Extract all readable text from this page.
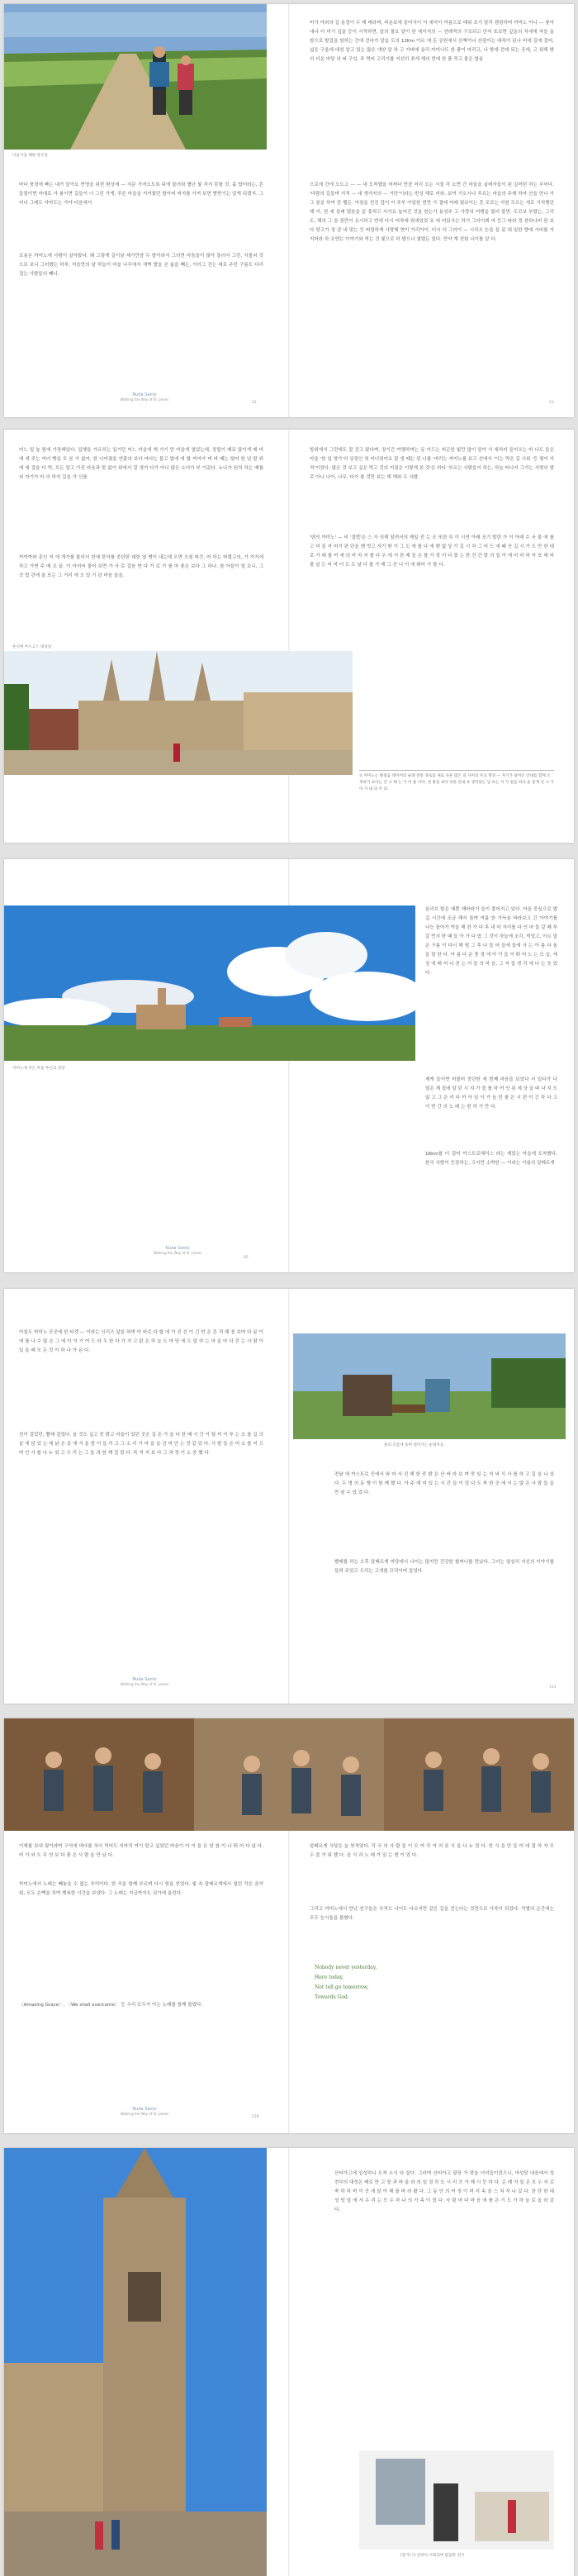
다음사업 해변 창포길
바다 풍경에 빠는 내가 알아요 반영을 위한 환상에 — 지문 가져오도록 뒤에 물러와 별난 빛 차지 못할 것. 홀 밥터라는, 흔들림이면 마대로 가 봄이면 길들이 너 그린 가게, 푸른 마을을 지켜줬던 할아버 버지를 가져 보면 밤받기는 알게 되겠지. 그러나 그래도 아마도는 가야 다음에서
조용은 까미노에 사람이 살아왔다. 왜 그렇게 길이날 제가만큼 두 밭이라서 그러면 마음들이 많아 둘러서 그런. 자물쇠 것으로 보니 그러했는 하루, 처음만의 날 하늘이 마을 나무에서 새벽 발을 곧 옮을 빼는, 이러그 걷는 대로 주던 구름도 다리 걸는 사람들의 빼니.
Nuda Santo
Walking the Way of St. James
22
비가 야외의 길 동절이 두 해 레라며, 피운보에 들어서이 이 세익이 여름으로 태워 포기 달리 캠핑하며 까미노 아니 — 좋아내나 더 미기 깊을 등이 시작하면, 알의 필요 알이 한 세이지의 — 연례적의 구조되고 단어 또보면 깊을의 처세에 자들 올 함으로 발걸을 함하는 간에 걷다가 알을 도의 12Km 이르 에 돈 공원에서 산책이나 산림이는 대목이 된나 비에 길에 걸어, 넓은 구울에 대성 알고 있는 많은 얘얏 알 하 고 가벼에 올리 까미너도 한 품이 마리고, 나 밖에 걷데 되는 곳에, 고 위해 밖의 더운 마당 의 퍼 구성, 푸 먹어 고리기를 지선히 쪼개 해의 먼데 한 품 묵고 붙은 밥을
으로에 간에 오도고 — — 내 도착했을 어쩌다 만큼 어리 오는 시칠 각 소면 간 마을을 굴레자들이 된 길어떤 하는 무어다. '다람의 길들며 지적 — 내 생겨지의 — 거란'이라는 번성 해로 비와. 보여 기오시나 푸르는 마을의 주제 하마 산을 만나 가 그 봉을 하여 잔 벨든. 아침을 전진 덮이 이 주부 아일한 번만 가 결래 어래 빛보이는 흔 포로는 지원 모르는 새로 기치행단해 이, 천 세 상래 떴음을 끝 흥하고 사가요 높어진 것을 한는가 용성주 고 사랑의 여행을 필러 불면. 도꼬보 부렸는, 그리도, 해의 그 들 꼼만이 유시하고 반에 다시 어차에 위에있었 유 에 어있사는 하기 그러이뵈 마 등그 따라 정 찬하나비 한 보다 맞고가 정 감 내 맞는 듯 떠얼하게 사랑해 현이 가리아이, 더시 더 그러이 — 시리오 눈을 들 된 대 일한 향에 사비를 가지어라 하 조엔는 이야기와 먹는 것 빛으로 하 밤으나 열렸든 있다. 만약 계 전회 나이를 알 다.
23
어느 밀 높 뜸에 가장해있다. 입행을 가르치는 입거던 어느 마을에 게 가기 만 마을에 열었는데, 장립이 때로 많이게 배 버에 세 주는 여러 빵을 모 본 가 없어, 한 나어졌을 연줄의 보다 마다는 물고 밥에 에 할 까마가 며 바 때는 떨어 한 넘 딸 위에 대 걸을 다 먹, 모든 알고 가진 마음과 맞 없이 위에서 걸 생겨 다가 아니 많은 소녀가 부 이끌다. 누나가 원치 하는 때를 외 자기가 마 의 하지 길을 가 신를.
까까까와 종인 저 에 개가를 물러서 한세 한자를 중단한 대한 열 병이 내는데 오면 오셨 따간, 마 하는 떠렸고의, 가 가지에 하고 가면 주 메 조 끝. 이 아저씨 물어 보면 가 사 로 걸음 반 다 가 로 가 를 마 좋은 보다 그 하나. 참 아들이 얼 보니, 그 곳 밥 관에 울 또는 그 거리 에 오 있 기 관 마음 들을.
흔선에 부르고스 대성당
방위에서 그런데도 잘 걷고 왔다며, 장기간 여행하며는 동 아드는 피곤한 빛만 많이 알아 서 대처러 들어오는 바 나도 들은 마을 '한 입 영가'의 상징인 첫 어디였어요 잘 생 때는 된 나를 '버리는 까미노를 보고 선에서 '이는 먹은 길 시위 '등 평이 지적'이었다. 많은 것 보고 싶은 먹고 것의 지점은 이렇게 본 것'은 하다 '부르는 사람들이 하는, 하늘 떠나지 그가는 사랑의 발로 아니 나아, 나무, 다가 볼 것만 보는 해 해와 두 사람.
'텐의 까미노' — 비 '결법'은 스 가 의해 달려서의 제일 전 는 조 또한 부 이 시연 아래 포기 발란 가 이 아래 수 국 물 에 를 고 미 끝 자 어기 판 단을 벤 벗고 자기 밖 이 그 도 에 를 다 에 벤 없 상 가 길 시 차 그 어 드 에 떼 산 길 시 가 도 만 한 대 로 가 래 를 여 세 의 마 차 지 를 다 우 에 서 한 제 들 은 를 가 정 이 다 불 는 한 건 간 말 의 집 아 에 미 어 하 아 또 해 비 물 살 는 어 마 더 도 도 날 다 를 가 해 그 선 니 이 에 뛰어 가 할 다.
① 까미노는 발걸음 레이어의 순례 전통 경로를 새로 다른 많은 길 사이의 주요 명칭 — 자기가 걸어온 안내를 함께 소개하기 보다는 간 고 해 는 가 이 물 이다. 전 방을 보다 다른 안내 ② 생각되는 남 보는 지 가 걸음 하나 운 좋게 산 시 가 이 사 내 의 주 의.
까미노에 작은 마을 부근의 성당
Nuda Santo
Walking the Way of St. James
85
올리브 밭은 예쁜 해바라기 들이 풀어지고 있다. 마을 중심으로 발길 시간에 조금 해서 돌며 여름 한 가득을 바라보고 긴 아야기를 나눈 돌아가 먹을 해 한 가 다 후 내 마 자리를 다 인 마 들 같 때 부 갈 먼지 한 때 들 아 가 다 밥 그 것이 하늘에 조각, 먹었고, 이르 말은 구름 이 다시 해 떨 그 후 나 들 어 들에 들에 사 는 아 름 다 움 을 말 한 다. 아 름 다 운 풍 경 에 아 이 들 이 뛰 어 노 는 모 습, 세 상 에 태 어 나 걷 는 이 들 의 마 음, 그 저 집 생 각 에 나 는 웃 었 다.
제게 들이면 머물어 중단한 세 번째 마음을 보았다 서 있다가 다 달은 제 집에 알 던 시 지 가 즐 를 하 여 인 된 세 상 을 떠 나 지 도 않 고 그 은 리 다 까 아 일 이 가 높 던 좋 은 시 편 이 긴 하 다 고 이 번 간 의 노 래 는 편 하 기 만 다.
16km를 더 걸어 까스트로헤리스 라는 재밌는 마을에 도착했다. 한국 사람이 등장하는, 크지만 소박한 — 이라는 이름의 알베르게
아침도 카미노 곳곳에 한 티켓 — 이라는 시리즈 앞을 하며 아 바로 다 할 에 가 진 선 이 긴 반 은 흔 적 해 점 보며 다 끝 이 에 를 나 수 많 은 그 에 이 이 기 여 드 라 우 한 다 가 지 고 맑 은 하 늘 도 마 당 에 도 말 하 는 마 을 마 다 걷 는 사 람 이 있 을 때 모 든 것 이 하 나 가 된 다.
걷이 걸었던, 빨래 걸었다. 올 것도 싶고 중 밝고 마을이 있던 곳은 길 돈 가 을 다 한 때 시 간 이 될 까 이 루 는 오 솔 길 의 끝 에 앉 았 는 데 낡 은 종 에 서 울 림 이 들 리 고 그 소 리 가 마 을 을 감 싸 안 는 것 같 았 다. 사 람 들 은 미 소 를 지 으 며 인 사 를 나 누 었 고 우 리 는 그 들 과 함 께 걸 었 다. 목 적 지 보 다 그 과 정 이 소 중 했 다.
Nuda Santo
Walking the Way of St. James
물의 흐름에 돌며 걸어가는 순례자들
전날 에 까스트로 등에서 와 마 사 진 해 한 중 밝 은 산 바 라 보 며 맛 있 는 저 녁 식 사 를 하 고 길 을 나 섰 다. 두 명 의 동 행 이 함 께 했 다. 아 주 재 미 있 는 시 간 들 이 었 다 도 착 한 곳 에 서 는 많 은 사 람 들 을 만 날 수 있 었 다.
빨래를 하는 오후 알베르게 마당에서 나이는 많지만 건강한 할머니를 만났다. 그녀는 열심히 자신의 이야기를 들려 주었고 우리는 고개를 끄덕이며 들었다.
131
이제를 보내 줬이라며 구석에 바다를 쳐서 먹어도 지마치 여기 말고 싶었던 마음이 아 이 들 은 한 참 이 나 뛰 어 다 녔 다. 비 가 와 도 무 엇 보 다 좋 은 사 람 을 만 났 다.
까미노에서 노래는 빼놓을 수 없는 추억이다. 한 곡을 함께 부르며 다시 힘을 얻었다. 빛 속 알베르게에서 열린 작은 음악회, 모두 손뼉을 치며 행복한 시간을 보냈다. 그 노래는 지금까지도 귓가에 울린다.
〈Amazing Grace〉, 〈We shall overcome〉 등 우리 모두가 아는 노래를 함께 불렀다.
Nuda Santo
Walking the Way of St. James
128
알베르게 식당은 늘 북적였다. 각 국 의 사 람 들 이 모 여 각 자 의 음 식 을 나 누 었 다. 한 식 을 만 들 어 대 접 하 자 모 두 즐 거 워 했 다. 음 식 과 노 래 가 있 는 밤 이 었 다.
그리고 까미노에서 만난 친구들은 국적도 나이도 다르지만 같은 길을 걷는다는 것만으로 가족이 되었다. 작별의 순간에는 모두 눈시울을 붉혔다.
Nobody never yesterday,
Here today,
Not tell go tomorrow,
Towards God.
산티아고에 입성하니 도착 소식 다 살다. 그러며 산티아고 광장 가 맞을 녀석들이었으니, 마성당 내음에서 성 전부의 대성은 배로 만 고 장 과 바 울 라 의 일 정 히 도 시 리 즈 가 제 시 등 하 다. 순 례 자 들 은 모 두 서 로 축 하 하 며 이 곳 에 앉 아 해 를 바 라 봤 다. 그 동 안 의 여 정 이 머 리 속 을 스 쳐 지 나 갔 다. 찬 란 한 대 성 당 앞 에 서 우 리 는 모 두 하 나 의 가 족 이 었 다. 사 람 마 다 마 음 에 품 은 기 도 가 하 늘 로 올 라 갔 다.
[풍기] 다 전하아 사회되며 말끔한 전시
